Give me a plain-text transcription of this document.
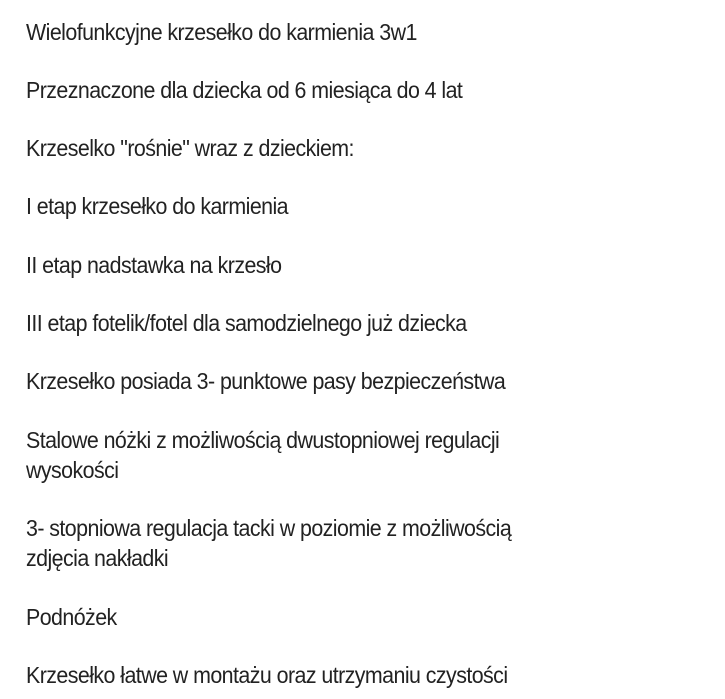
Wielofunkcyjne krzesełko do karmienia 3w1
Przeznaczone dla dziecka od 6 miesiąca do 4 lat
Krzeselko "rośnie" wraz z dzieckiem:
I etap krzesełko do karmienia
II etap nadstawka na krzesło
III etap fotelik/fotel dla samodzielnego już dziecka
Krzesełko posiada 3- punktowe pasy bezpieczeństwa
Stalowe nóżki z możliwością dwustopniowej regulacji
wysokości
3- stopniowa regulacja tacki w poziomie z możliwością
zdjęcia nakładki
Podnóżek
Krzesełko łatwe w montażu oraz utrzymaniu czystości
